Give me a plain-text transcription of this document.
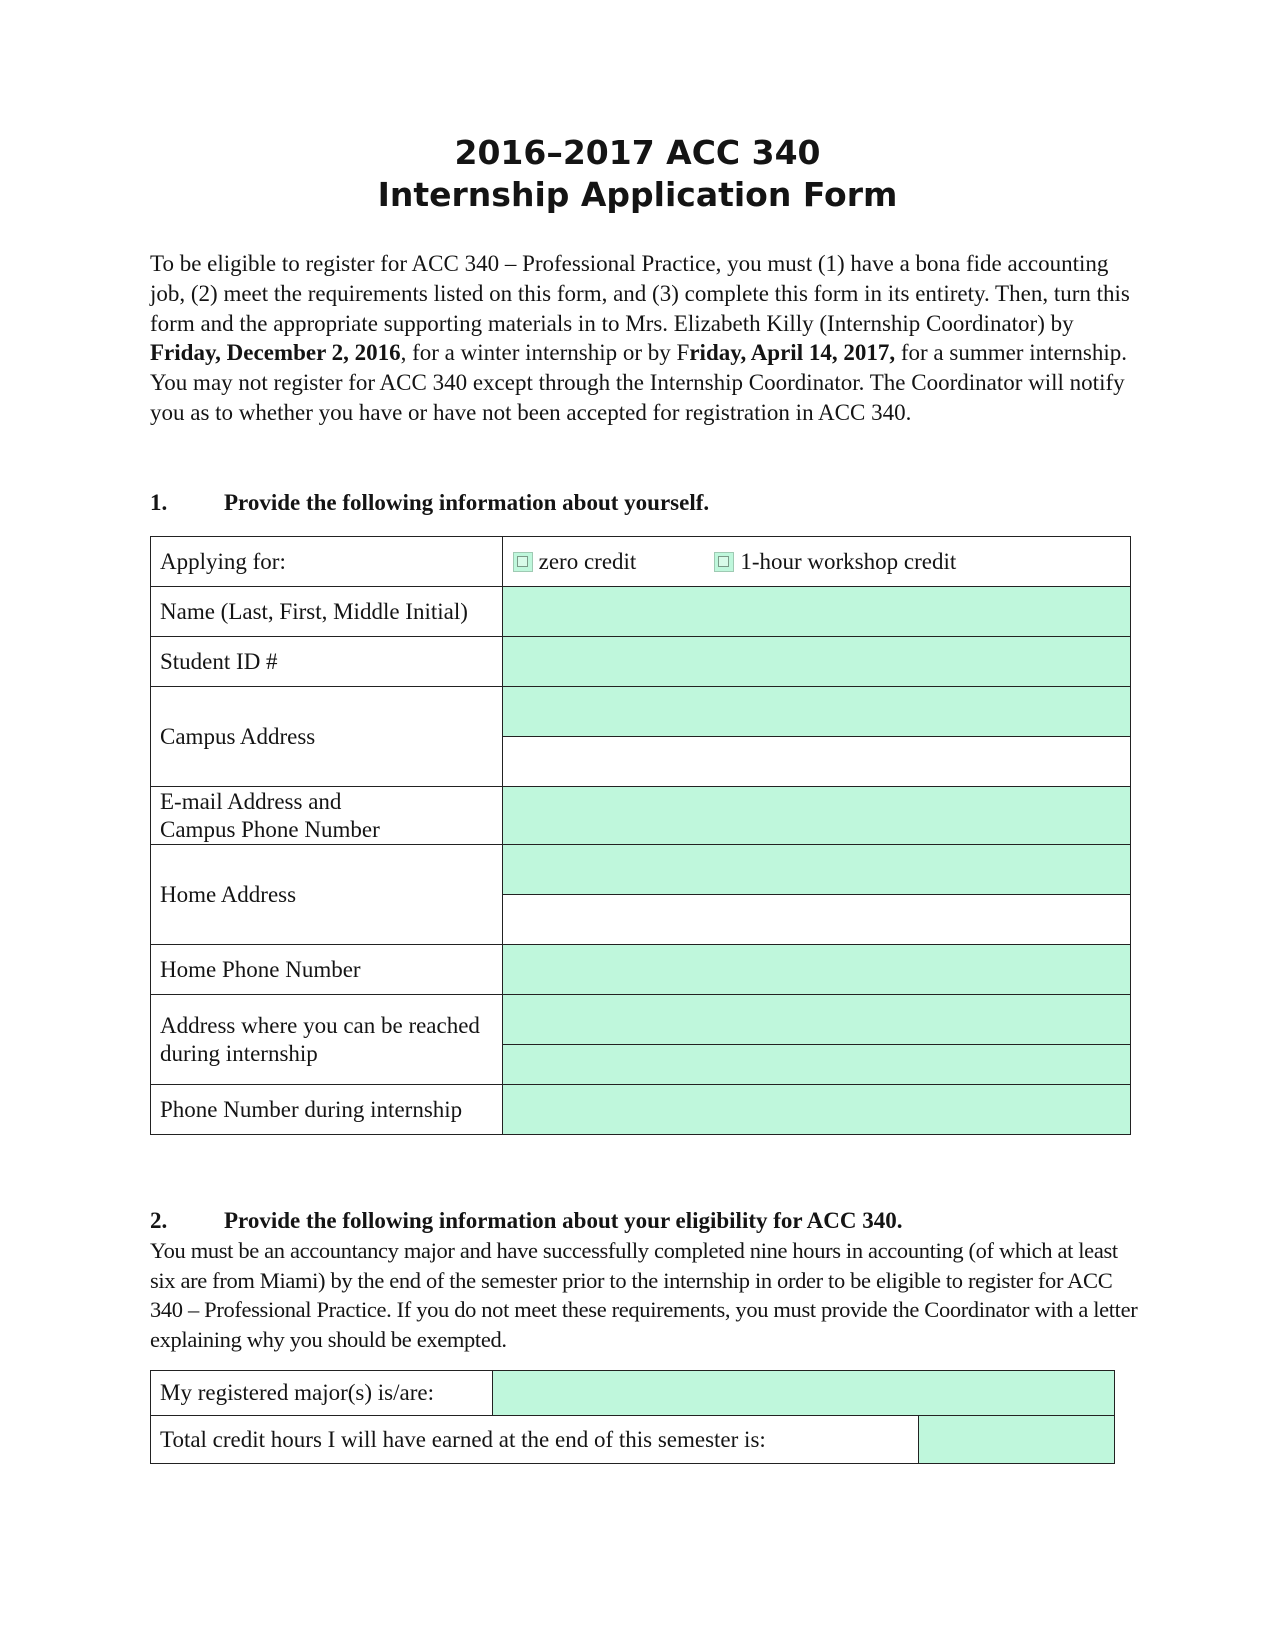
2016–2017 ACC 340
Internship Application Form
To be eligible to register for ACC 340 – Professional Practice, you must (1) have a bona fide accounting job, (2) meet the requirements listed on this form, and (3) complete this form in its entirety. Then, turn this form and the appropriate supporting materials in to Mrs. Elizabeth Killy (Internship Coordinator) by Friday, December 2, 2016, for a winter internship or by Friday, April 14, 2017, for a summer internship. You may not register for ACC 340 except through the Internship Coordinator. The Coordinator will notify you as to whether you have or have not been accepted for registration in ACC 340.
1. Provide the following information about yourself.
Applying for:	zero credit 1-hour workshop credit
Name (Last, First, Middle Initial)	
Student ID #	
Campus Address	

E-mail Address and
Campus Phone Number	

Home Address	

Home Phone Number	

Address where you can be reached
during internship	

Phone Number during internship	
2. Provide the following information about your eligibility for ACC 340.
You must be an accountancy major and have successfully completed nine hours in accounting (of which at least six are from Miami) by the end of the semester prior to the internship in order to be eligible to register for ACC 340 – Professional Practice. If you do not meet these requirements, you must provide the Coordinator with a letter explaining why you should be exempted.
My registered major(s) is/are:		
Total credit hours I will have earned at the end of this semester is:		
